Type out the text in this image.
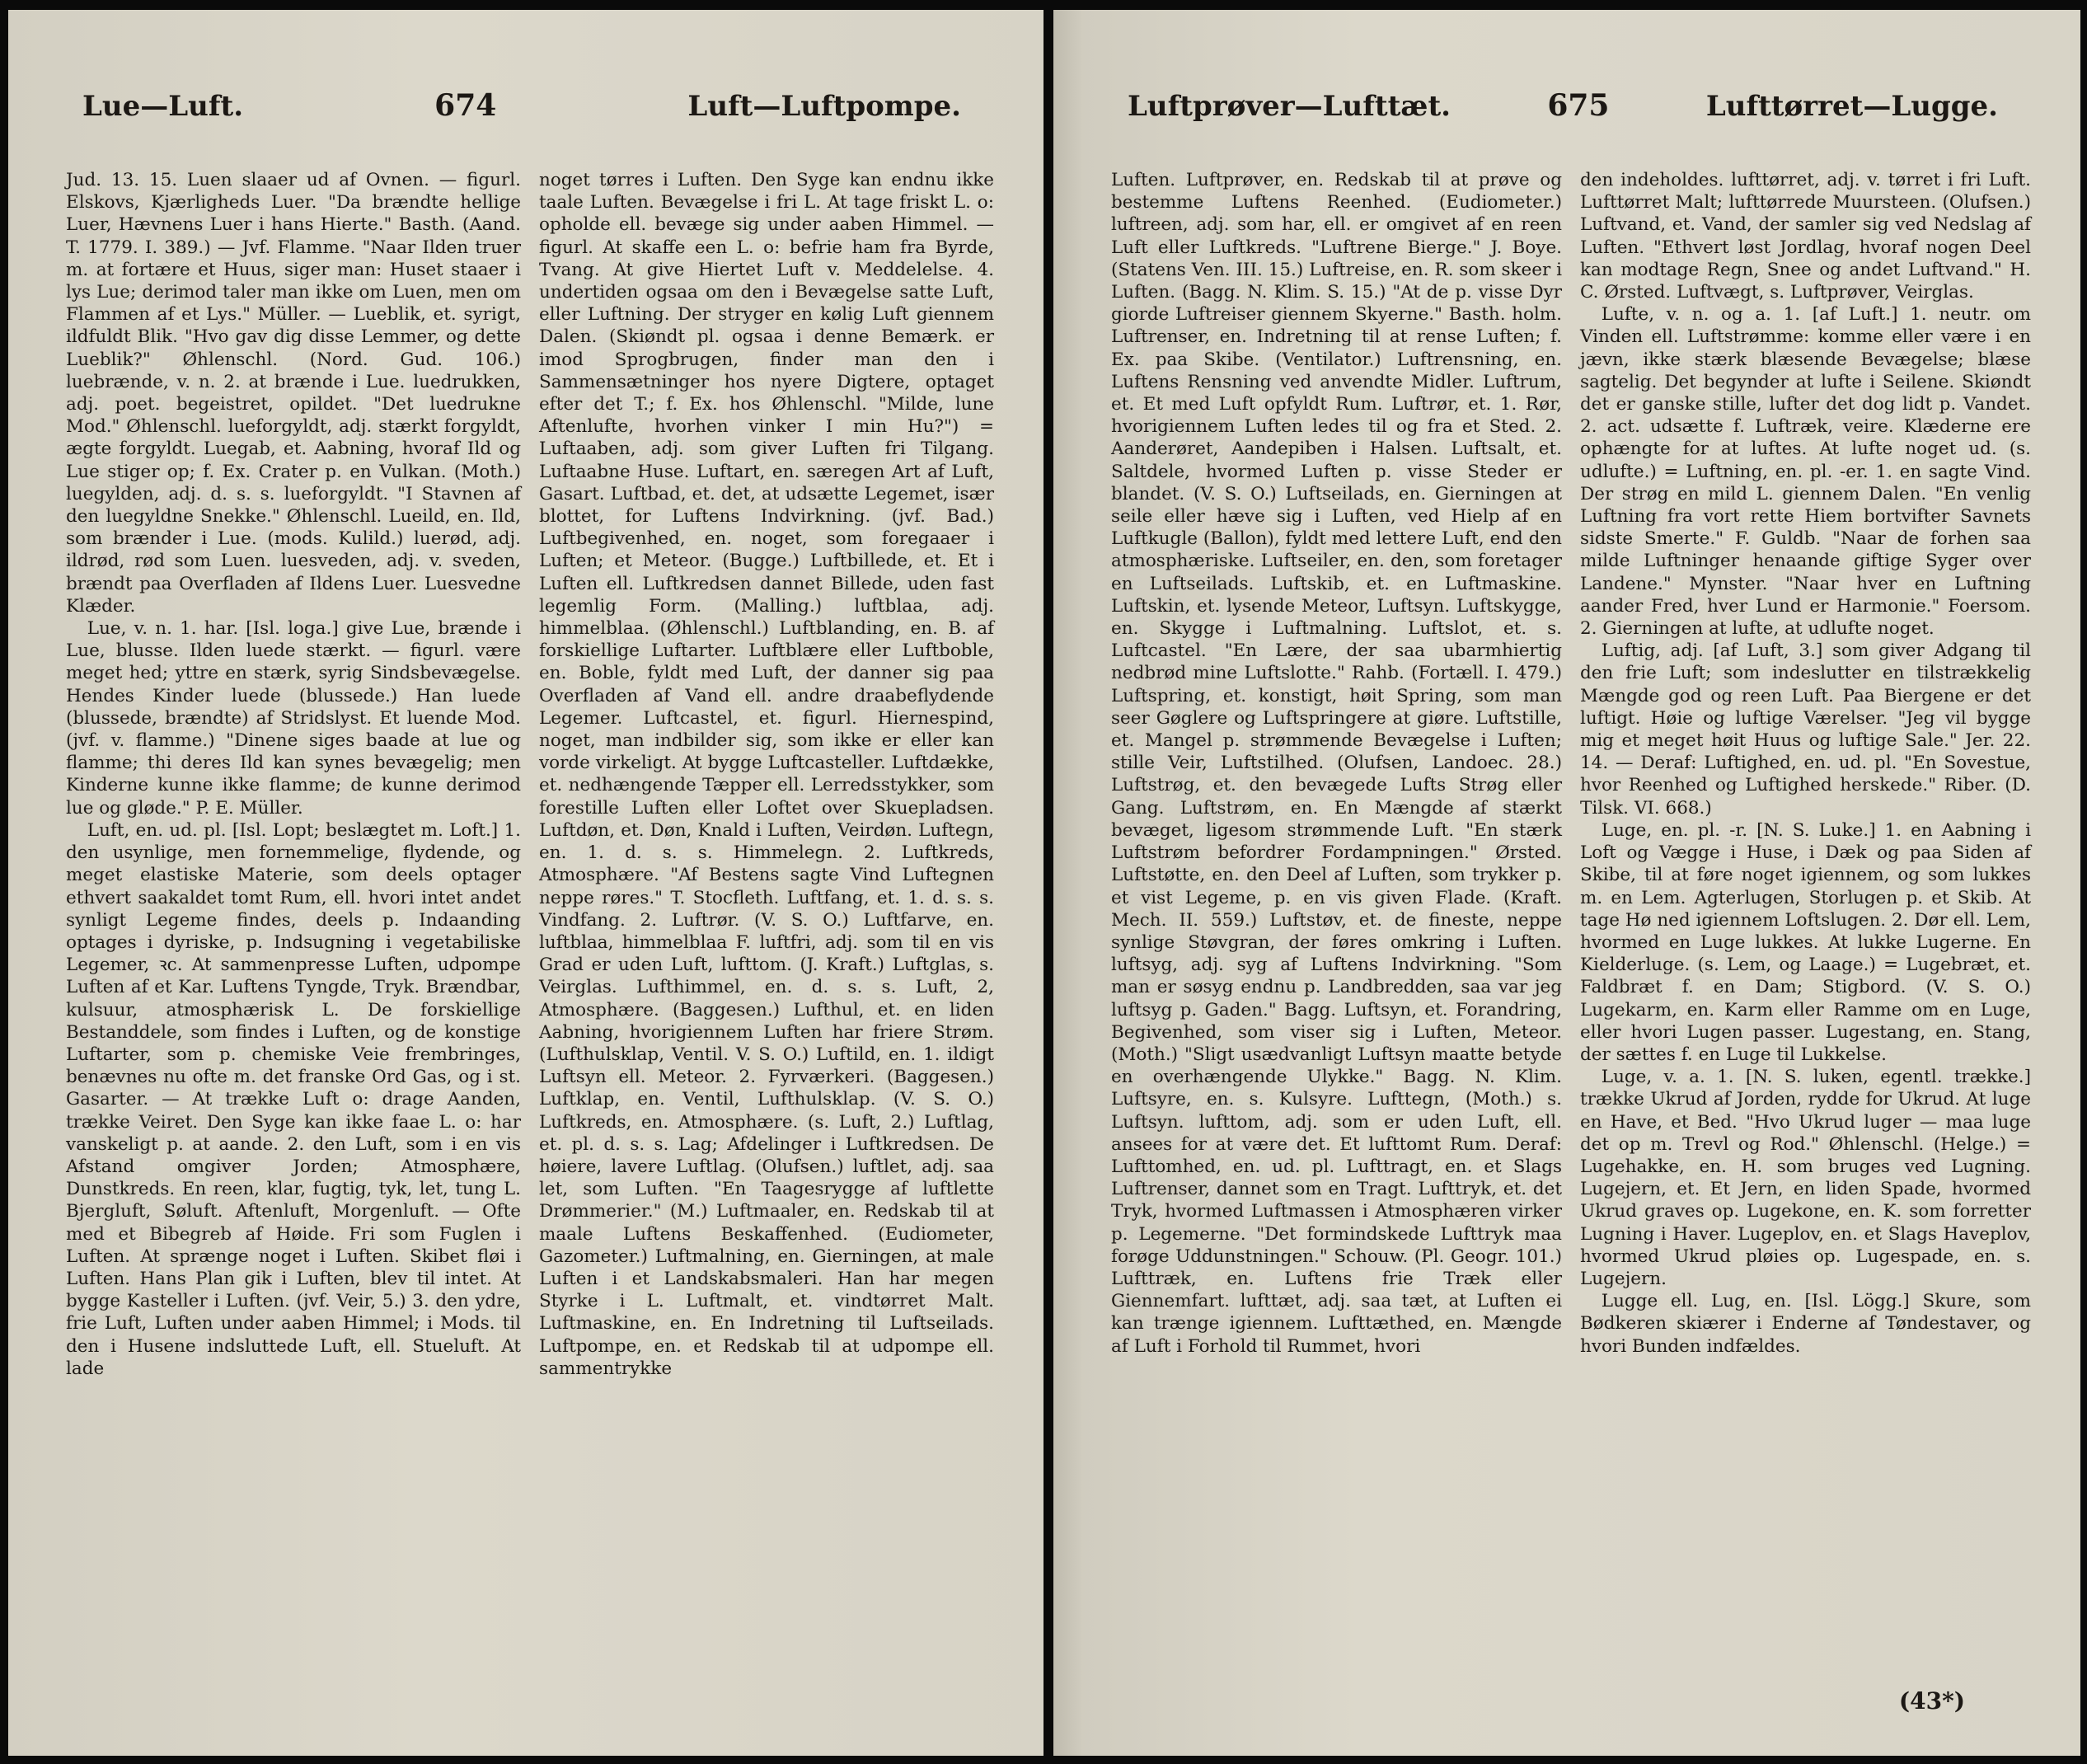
Lue—Luft.	674	Luft—Luftpompe.

Jud. 13. 15. Luen slaaer ud af Ovnen. — figurl. Elskovs, Kjærligheds Luer. "Da brændte hellige Luer, Hævnens Luer i hans Hierte." Basth. (Aand. T. 1779. I. 389.) — Jvf. Flamme. "Naar Ilden truer m. at fortære et Huus, siger man: Huset staaer i lys Lue; derimod taler man ikke om Luen, men om Flammen af et Lys." Müller. — Lueblik, et. syrigt, ildfuldt Blik. "Hvo gav dig disse Lemmer, og dette Lueblik?" Øhlenschl. (Nord. Gud. 106.) luebrænde, v. n. 2. at brænde i Lue. luedrukken, adj. poet. begeistret, opildet. "Det luedrukne Mod." Øhlenschl. lueforgyldt, adj. stærkt forgyldt, ægte forgyldt. Luegab, et. Aabning, hvoraf Ild og Lue stiger op; f. Ex. Crater p. en Vulkan. (Moth.) luegylden, adj. d. s. s. lueforgyldt. "I Stavnen af den luegyldne Snekke." Øhlenschl. Lueild, en. Ild, som brænder i Lue. (mods. Kulild.) luerød, adj. ildrød, rød som Luen. luesveden, adj. v. sveden, brændt paa Overfladen af Ildens Luer. Luesvedne Klæder.

Lue, v. n. 1. har. [Isl. loga.] give Lue, brænde i Lue, blusse. Ilden luede stærkt. — figurl. være meget hed; yttre en stærk, syrig Sindsbevægelse. Hendes Kinder luede (blussede.) Han luede (blussede, brændte) af Stridslyst. Et luende Mod. (jvf. v. flamme.) "Dinene siges baade at lue og flamme; thi deres Ild kan synes bevægelig; men Kinderne kunne ikke flamme; de kunne derimod lue og gløde." P. E. Müller.

Luft, en. ud. pl. [Isl. Lopt; beslægtet m. Loft.] 1. den usynlige, men fornemmelige, flydende, og meget elastiske Materie, som deels optager ethvert saakaldet tomt Rum, ell. hvori intet andet synligt Legeme findes, deels p. Indaanding optages i dyriske, p. Indsugning i vegetabiliske Legemer, ꝛc. At sammenpresse Luften, udpompe Luften af et Kar. Luftens Tyngde, Tryk. Brændbar, kulsuur, atmosphærisk L. De forskiellige Bestanddele, som findes i Luften, og de konstige Luftarter, som p. chemiske Veie frembringes, benævnes nu ofte m. det franske Ord Gas, og i st. Gasarter. — At trække Luft o: drage Aanden, trække Veiret. Den Syge kan ikke faae L. o: har vanskeligt p. at aande. 2. den Luft, som i en vis Afstand omgiver Jorden; Atmosphære, Dunstkreds. En reen, klar, fugtig, tyk, let, tung L. Bjergluft, Søluft. Aftenluft, Morgenluft. — Ofte med et Bibegreb af Høide. Fri som Fuglen i Luften. At sprænge noget i Luften. Skibet fløi i Luften. Hans Plan gik i Luften, blev til intet. At bygge Kasteller i Luften. (jvf. Veir, 5.) 3. den ydre, frie Luft, Luften under aaben Himmel; i Mods. til den i Husene indsluttede Luft, ell. Stueluft. At lade

noget tørres i Luften. Den Syge kan endnu ikke taale Luften. Bevægelse i fri L. At tage friskt L. o: opholde ell. bevæge sig under aaben Himmel. — figurl. At skaffe een L. o: befrie ham fra Byrde, Tvang. At give Hiertet Luft v. Meddelelse. 4. undertiden ogsaa om den i Bevægelse satte Luft, eller Luftning. Der stryger en kølig Luft giennem Dalen. (Skiøndt pl. ogsaa i denne Bemærk. er imod Sprogbrugen, finder man den i Sammensætninger hos nyere Digtere, optaget efter det T.; f. Ex. hos Øhlenschl. "Milde, lune Aftenlufte, hvorhen vinker I min Hu?") = Luftaaben, adj. som giver Luften fri Tilgang. Luftaabne Huse. Luftart, en. særegen Art af Luft, Gasart. Luftbad, et. det, at udsætte Legemet, især blottet, for Luftens Indvirkning. (jvf. Bad.) Luftbegivenhed, en. noget, som foregaaer i Luften; et Meteor. (Bugge.) Luftbillede, et. Et i Luften ell. Luftkredsen dannet Billede, uden fast legemlig Form. (Malling.) luftblaa, adj. himmelblaa. (Øhlenschl.) Luftblanding, en. B. af forskiellige Luftarter. Luftblære eller Luftboble, en. Boble, fyldt med Luft, der danner sig paa Overfladen af Vand ell. andre draabeflydende Legemer. Luftcastel, et. figurl. Hiernespind, noget, man indbilder sig, som ikke er eller kan vorde virkeligt. At bygge Luftcasteller. Luftdække, et. nedhængende Tæpper ell. Lerredsstykker, som forestille Luften eller Loftet over Skuepladsen. Luftdøn, et. Døn, Knald i Luften, Veirdøn. Luftegn, en. 1. d. s. s. Himmelegn. 2. Luftkreds, Atmosphære. "Af Bestens sagte Vind Luftegnen neppe røres." T. Stocfleth. Luftfang, et. 1. d. s. s. Vindfang. 2. Luftrør. (V. S. O.) Luftfarve, en. luftblaa, himmelblaa F. luftfri, adj. som til en vis Grad er uden Luft, lufttom. (J. Kraft.) Luftglas, s. Veirglas. Lufthimmel, en. d. s. s. Luft, 2, Atmosphære. (Baggesen.) Lufthul, et. en liden Aabning, hvorigiennem Luften har friere Strøm. (Lufthulsklap, Ventil. V. S. O.) Luftild, en. 1. ildigt Luftsyn ell. Meteor. 2. Fyrværkeri. (Baggesen.) Luftklap, en. Ventil, Lufthulsklap. (V. S. O.) Luftkreds, en. Atmosphære. (s. Luft, 2.) Luftlag, et. pl. d. s. s. Lag; Afdelinger i Luftkredsen. De høiere, lavere Luftlag. (Olufsen.) luftlet, adj. saa let, som Luften. "En Taagesrygge af luftlette Drømmerier." (M.) Luftmaaler, en. Redskab til at maale Luftens Beskaffenhed. (Eudiometer, Gazometer.) Luftmalning, en. Gierningen, at male Luften i et Landskabsmaleri. Han har megen Styrke i L. Luftmalt, et. vindtørret Malt. Luftmaskine, en. En Indretning til Luftseilads. Luftpompe, en. et Redskab til at udpompe ell. sammentrykke

Luftprøver—Lufttæt.	675	Lufttørret—Lugge.

Luften. Luftprøver, en. Redskab til at prøve og bestemme Luftens Reenhed. (Eudiometer.) luftreen, adj. som har, ell. er omgivet af en reen Luft eller Luftkreds. "Luftrene Bierge." J. Boye. (Statens Ven. III. 15.) Luftreise, en. R. som skeer i Luften. (Bagg. N. Klim. S. 15.) "At de p. visse Dyr giorde Luftreiser giennem Skyerne." Basth. holm. Luftrenser, en. Indretning til at rense Luften; f. Ex. paa Skibe. (Ventilator.) Luftrensning, en. Luftens Rensning ved anvendte Midler. Luftrum, et. Et med Luft opfyldt Rum. Luftrør, et. 1. Rør, hvorigiennem Luften ledes til og fra et Sted. 2. Aanderøret, Aandepiben i Halsen. Luftsalt, et. Saltdele, hvormed Luften p. visse Steder er blandet. (V. S. O.) Luftseilads, en. Gierningen at seile eller hæve sig i Luften, ved Hielp af en Luftkugle (Ballon), fyldt med lettere Luft, end den atmosphæriske. Luftseiler, en. den, som foretager en Luftseilads. Luftskib, et. en Luftmaskine. Luftskin, et. lysende Meteor, Luftsyn. Luftskygge, en. Skygge i Luftmalning. Luftslot, et. s. Luftcastel. "En Lære, der saa ubarmhiertig nedbrød mine Luftslotte." Rahb. (Fortæll. I. 479.) Luftspring, et. konstigt, høit Spring, som man seer Gøglere og Luftspringere at giøre. Luftstille, et. Mangel p. strømmende Bevægelse i Luften; stille Veir, Luftstilhed. (Olufsen, Landoec. 28.) Luftstrøg, et. den bevægede Lufts Strøg eller Gang. Luftstrøm, en. En Mængde af stærkt bevæget, ligesom strømmende Luft. "En stærk Luftstrøm befordrer Fordampningen." Ørsted. Luftstøtte, en. den Deel af Luften, som trykker p. et vist Legeme, p. en vis given Flade. (Kraft. Mech. II. 559.) Luftstøv, et. de fineste, neppe synlige Støvgran, der føres omkring i Luften. luftsyg, adj. syg af Luftens Indvirkning. "Som man er søsyg endnu p. Landbredden, saa var jeg luftsyg p. Gaden." Bagg. Luftsyn, et. Forandring, Begivenhed, som viser sig i Luften, Meteor. (Moth.) "Sligt usædvanligt Luftsyn maatte betyde en overhængende Ulykke." Bagg. N. Klim. Luftsyre, en. s. Kulsyre. Lufttegn, (Moth.) s. Luftsyn. lufttom, adj. som er uden Luft, ell. ansees for at være det. Et lufttomt Rum. Deraf: Lufttomhed, en. ud. pl. Lufttragt, en. et Slags Luftrenser, dannet som en Tragt. Lufttryk, et. det Tryk, hvormed Luftmassen i Atmosphæren virker p. Legemerne. "Det formindskede Lufttryk maa forøge Uddunstningen." Schouw. (Pl. Geogr. 101.) Lufttræk, en. Luftens frie Træk eller Giennemfart. lufttæt, adj. saa tæt, at Luften ei kan trænge igiennem. Lufttæthed, en. Mængde af Luft i Forhold til Rummet, hvori

den indeholdes. lufttørret, adj. v. tørret i fri Luft. Lufttørret Malt; lufttørrede Muursteen. (Olufsen.) Luftvand, et. Vand, der samler sig ved Nedslag af Luften. "Ethvert løst Jordlag, hvoraf nogen Deel kan modtage Regn, Snee og andet Luftvand." H. C. Ørsted. Luftvægt, s. Luftprøver, Veirglas.

Lufte, v. n. og a. 1. [af Luft.] 1. neutr. om Vinden ell. Luftstrømme: komme eller være i en jævn, ikke stærk blæsende Bevægelse; blæse sagtelig. Det begynder at lufte i Seilene. Skiøndt det er ganske stille, lufter det dog lidt p. Vandet. 2. act. udsætte f. Luftræk, veire. Klæderne ere ophængte for at luftes. At lufte noget ud. (s. udlufte.) = Luftning, en. pl. -er. 1. en sagte Vind. Der strøg en mild L. giennem Dalen. "En venlig Luftning fra vort rette Hiem bortvifter Savnets sidste Smerte." F. Guldb. "Naar de forhen saa milde Luftninger henaande giftige Syger over Landene." Mynster. "Naar hver en Luftning aander Fred, hver Lund er Harmonie." Foersom. 2. Gierningen at lufte, at udlufte noget.

Luftig, adj. [af Luft, 3.] som giver Adgang til den frie Luft; som indeslutter en tilstrækkelig Mængde god og reen Luft. Paa Biergene er det luftigt. Høie og luftige Værelser. "Jeg vil bygge mig et meget høit Huus og luftige Sale." Jer. 22. 14. — Deraf: Luftighed, en. ud. pl. "En Sovestue, hvor Reenhed og Luftighed herskede." Riber. (D. Tilsk. VI. 668.)

Luge, en. pl. -r. [N. S. Luke.] 1. en Aabning i Loft og Vægge i Huse, i Dæk og paa Siden af Skibe, til at føre noget igiennem, og som lukkes m. en Lem. Agterlugen, Storlugen p. et Skib. At tage Hø ned igiennem Loftslugen. 2. Dør ell. Lem, hvormed en Luge lukkes. At lukke Lugerne. En Kielderluge. (s. Lem, og Laage.) = Lugebræt, et. Faldbræt f. en Dam; Stigbord. (V. S. O.) Lugekarm, en. Karm eller Ramme om en Luge, eller hvori Lugen passer. Lugestang, en. Stang, der sættes f. en Luge til Lukkelse.

Luge, v. a. 1. [N. S. luken, egentl. trække.] trække Ukrud af Jorden, rydde for Ukrud. At luge en Have, et Bed. "Hvo Ukrud luger — maa luge det op m. Trevl og Rod." Øhlenschl. (Helge.) = Lugehakke, en. H. som bruges ved Lugning. Lugejern, et. Et Jern, en liden Spade, hvormed Ukrud graves op. Lugekone, en. K. som forretter Lugning i Haver. Lugeplov, en. et Slags Haveplov, hvormed Ukrud pløies op. Lugespade, en. s. Lugejern.

Lugge ell. Lug, en. [Isl. Lögg.] Skure, som Bødkeren skiærer i Enderne af Tøndestaver, og hvori Bunden indfældes.

(43*)
